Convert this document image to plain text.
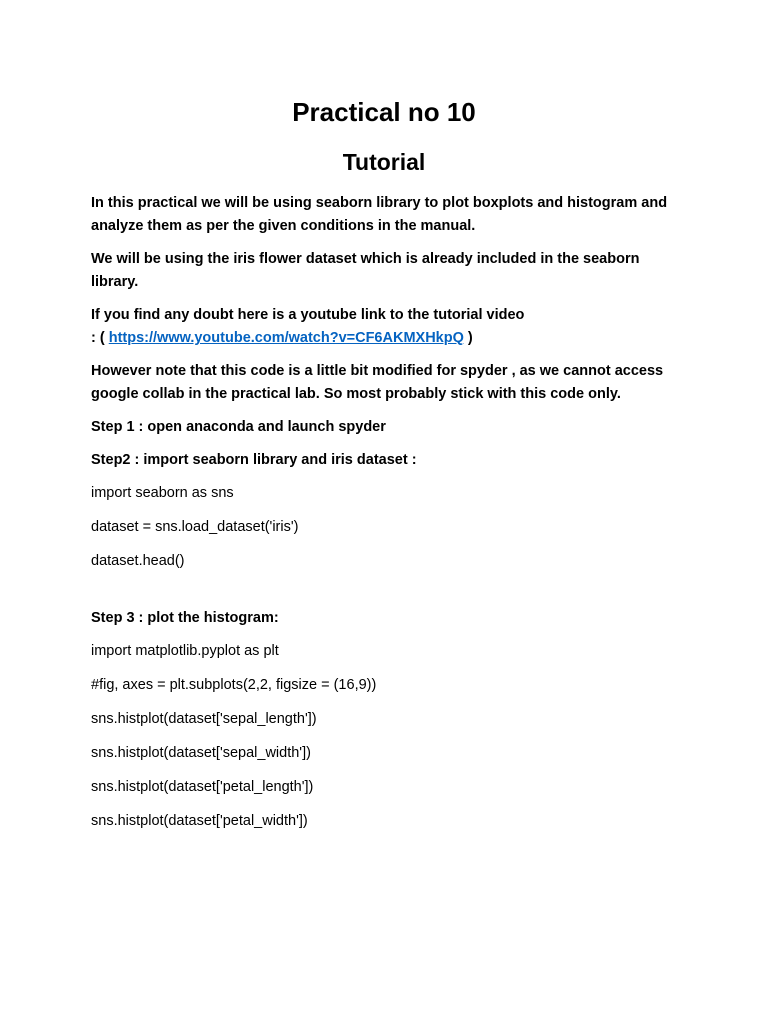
Practical no 10
Tutorial

In this practical we will be using seaborn library to plot boxplots and histogram and analyze them as per the given conditions in the manual.

We will be using the iris flower dataset which is already included in the seaborn library.

If you find any doubt here is a youtube link to the tutorial video
: ( https://www.youtube.com/watch?v=CF6AKMXHkpQ )

However note that this code is a little bit modified for spyder , as we cannot access google collab in the practical lab. So most probably stick with this code only.

Step 1 : open anaconda and launch spyder

Step2 : import seaborn library and iris dataset :

import seaborn as sns

dataset = sns.load_dataset('iris')

dataset.head()

Step 3 : plot the histogram:

import matplotlib.pyplot as plt

#fig, axes = plt.subplots(2,2, figsize = (16,9))

sns.histplot(dataset['sepal_length'])

sns.histplot(dataset['sepal_width'])

sns.histplot(dataset['petal_length'])

sns.histplot(dataset['petal_width'])
